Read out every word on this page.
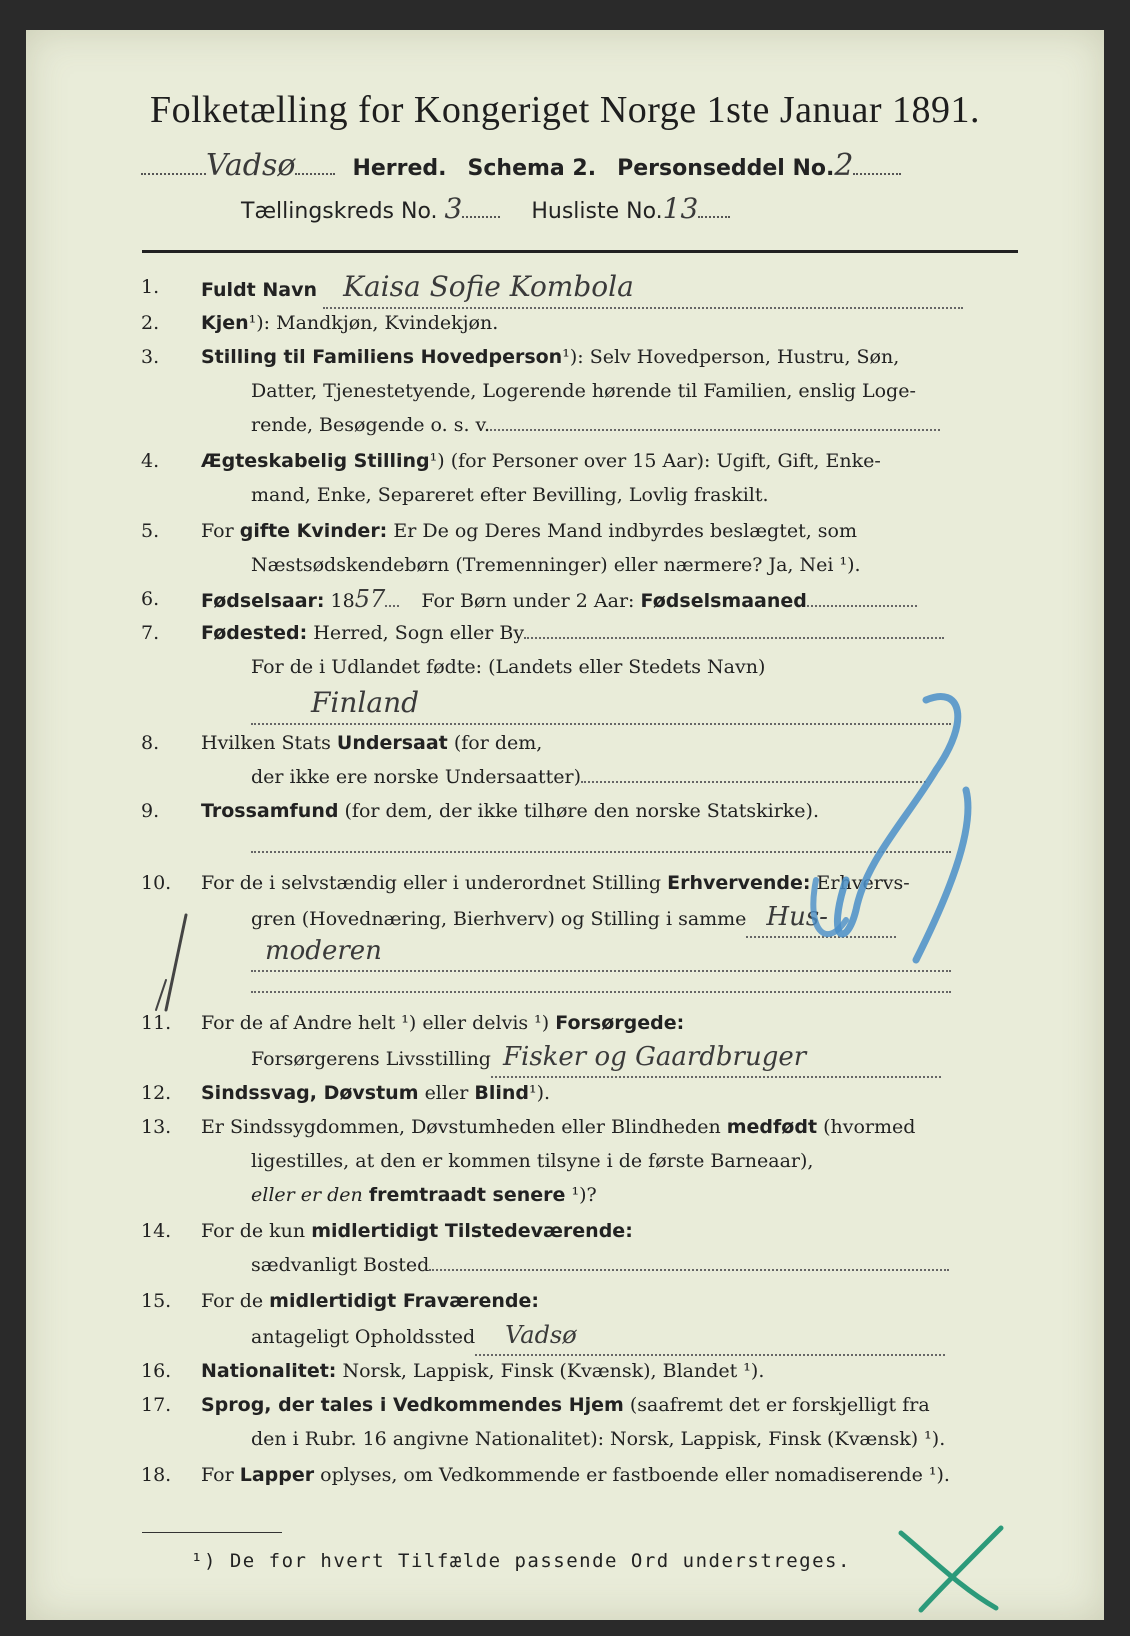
Folketælling for Kongeriget Norge 1ste Januar 1891.
Vadsø	Herred. Schema 2. Personseddel No.2
Tællingskreds No. 3	Husliste No.13
1.	Fuldt Navn Kaisa Sofie Kombola
2.	Kjen¹): Mandkjøn, Kvindekjøn.
3.	Stilling til Familiens Hovedperson¹): Selv Hovedperson, Hustru, Søn,
Datter, Tjenestetyende, Logerende hørende til Familien, enslig Loge-
rende, Besøgende o. s. v.
4.	Ægteskabelig Stilling¹) (for Personer over 15 Aar): Ugift, Gift, Enke-
mand, Enke, Separeret efter Bevilling, Lovlig fraskilt.
5.	For gifte Kvinder: Er De og Deres Mand indbyrdes beslægtet, som
Næstsødskendebørn (Tremenninger) eller nærmere? Ja, Nei ¹).
6.	Fødselsaar: 1857 For Børn under 2 Aar: Fødselsmaaned
7.	Fødested: Herred, Sogn eller By
For de i Udlandet fødte: (Landets eller Stedets Navn)
Finland
8.	Hvilken Stats Undersaat (for dem,
der ikke ere norske Undersaatter)
9.	Trossamfund (for dem, der ikke tilhøre den norske Statskirke).
10.	For de i selvstændig eller i underordnet Stilling Erhvervende: Erhvervs-
gren (Hovednæring, Bierhverv) og Stilling i samme Hus-
moderen
11.	For de af Andre helt ¹) eller delvis ¹) Forsørgede:
Forsørgerens Livsstilling Fisker og Gaardbruger
12.	Sindssvag, Døvstum eller Blind¹).
13.	Er Sindssygdommen, Døvstumheden eller Blindheden medfødt (hvormed
ligestilles, at den er kommen tilsyne i de første Barneaar),
eller er den fremtraadt senere ¹)?
14.	For de kun midlertidigt Tilstedeværende:
sædvanligt Bosted
15.	For de midlertidigt Fraværende:
antageligt Opholdssted Vadsø
16.	Nationalitet: Norsk, Lappisk, Finsk (Kvænsk), Blandet ¹).
17.	Sprog, der tales i Vedkommendes Hjem (saafremt det er forskjelligt fra
den i Rubr. 16 angivne Nationalitet): Norsk, Lappisk, Finsk (Kvænsk) ¹).
18.	For Lapper oplyses, om Vedkommende er fastboende eller nomadiserende ¹).
¹) De for hvert Tilfælde passende Ord understreges.
